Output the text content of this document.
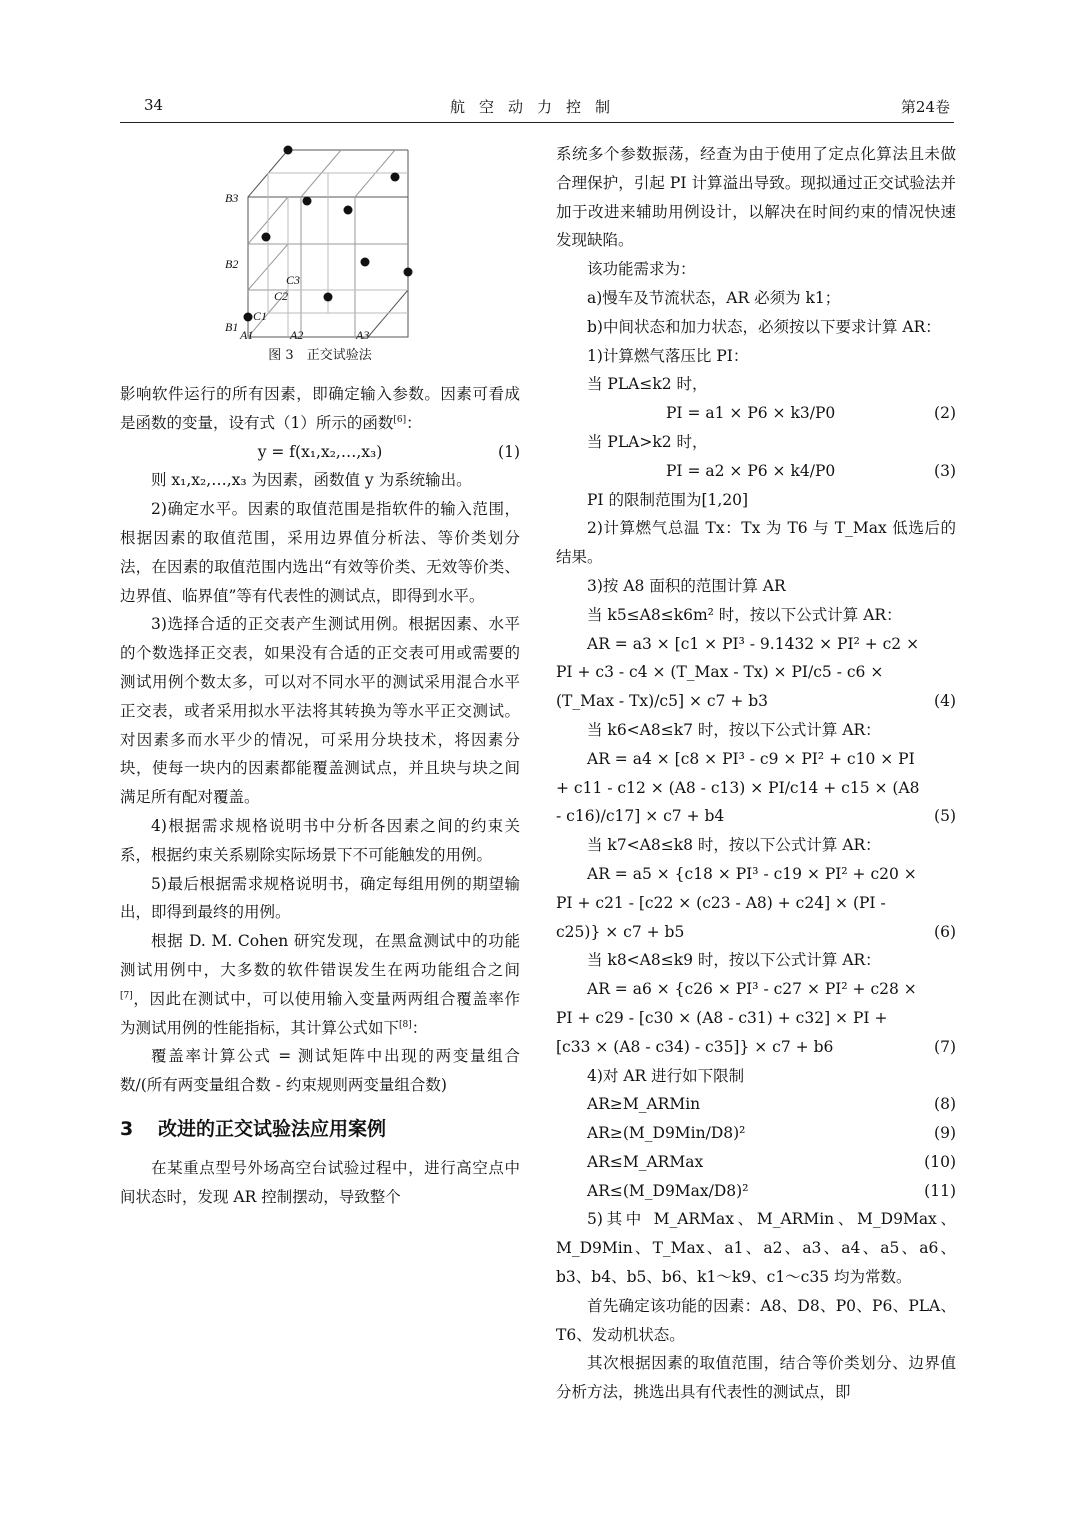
34	航空动力控制	第24卷
B3
B2
B1
A1	A2	A3
C1
C2
C3
图 3　正交试验法

影响软件运行的所有因素，即确定输入参数。因素可看成是函数的变量，设有式（1）所示的函数[6]：

y = f(x₁,x₂,…,x₃)	(1)

则 x₁,x₂,…,x₃ 为因素，函数值 y 为系统输出。

2)确定水平。因素的取值范围是指软件的输入范围，根据因素的取值范围，采用边界值分析法、等价类划分法，在因素的取值范围内选出“有效等价类、无效等价类、边界值、临界值”等有代表性的测试点，即得到水平。

3)选择合适的正交表产生测试用例。根据因素、水平的个数选择正交表，如果没有合适的正交表可用或需要的测试用例个数太多，可以对不同水平的测试采用混合水平正交表，或者采用拟水平法将其转换为等水平正交测试。对因素多而水平少的情况，可采用分块技术，将因素分块，使每一块内的因素都能覆盖测试点，并且块与块之间满足所有配对覆盖。

4)根据需求规格说明书中分析各因素之间的约束关系，根据约束关系剔除实际场景下不可能触发的用例。

5)最后根据需求规格说明书，确定每组用例的期望输出，即得到最终的用例。

根据 D. M. Cohen 研究发现，在黑盒测试中的功能测试用例中，大多数的软件错误发生在两功能组合之间[7]，因此在测试中，可以使用输入变量两两组合覆盖率作为测试用例的性能指标，其计算公式如下[8]：

覆盖率计算公式 = 测试矩阵中出现的两变量组合数/(所有两变量组合数 - 约束规则两变量组合数)

3 改进的正交试验法应用案例

在某重点型号外场高空台试验过程中，进行高空点中间状态时，发现 AR 控制摆动，导致整个

系统多个参数振荡，经查为由于使用了定点化算法且未做合理保护，引起 PI 计算溢出导致。现拟通过正交试验法并加于改进来辅助用例设计，以解决在时间约束的情况快速发现缺陷。

该功能需求为：

a)慢车及节流状态，AR 必须为 k1；

b)中间状态和加力状态，必须按以下要求计算 AR：

1)计算燃气落压比 PI：

当 PLA≤k2 时，

PI = a1 × P6 × k3/P0	(2)

当 PLA>k2 时，

PI = a2 × P6 × k4/P0	(3)

PI 的限制范围为[1,20]

2)计算燃气总温 Tx：Tx 为 T6 与 T_Max 低选后的结果。

3)按 A8 面积的范围计算 AR

当 k5≤A8≤k6m² 时，按以下公式计算 AR：

AR = a3 × [c1 × PI³ - 9.1432 × PI² + c2 × PI + c3 - c4 × (T_Max - Tx) × PI/c5 - c6 × (T_Max - Tx)/c5] × c7 + b3	(4)

当 k6<A8≤k7 时，按以下公式计算 AR：

AR = a4 × [c8 × PI³ - c9 × PI² + c10 × PI + c11 - c12 × (A8 - c13) × PI/c14 + c15 × (A8 - c16)/c17] × c7 + b4	(5)

当 k7<A8≤k8 时，按以下公式计算 AR：

AR = a5 × {c18 × PI³ - c19 × PI² + c20 × PI + c21 - [c22 × (c23 - A8) + c24] × (PI - c25)} × c7 + b5	(6)

当 k8<A8≤k9 时，按以下公式计算 AR：

AR = a6 × {c26 × PI³ - c27 × PI² + c28 × PI + c29 - [c30 × (A8 - c31) + c32] × PI + [c33 × (A8 - c34) - c35]} × c7 + b6	(7)

4)对 AR 进行如下限制

AR≥M_ARMin	(8)
AR≥(M_D9Min/D8)²	(9)
AR≤M_ARMax	(10)
AR≤(M_D9Max/D8)²	(11)

5)其中 M_ARMax、M_ARMin、M_D9Max、M_D9Min、T_Max、a1、a2、a3、a4、a5、a6、b3、b4、b5、b6、k1～k9、c1～c35 均为常数。

首先确定该功能的因素：A8、D8、P0、P6、PLA、T6、发动机状态。

其次根据因素的取值范围，结合等价类划分、边界值分析方法，挑选出具有代表性的测试点，即
